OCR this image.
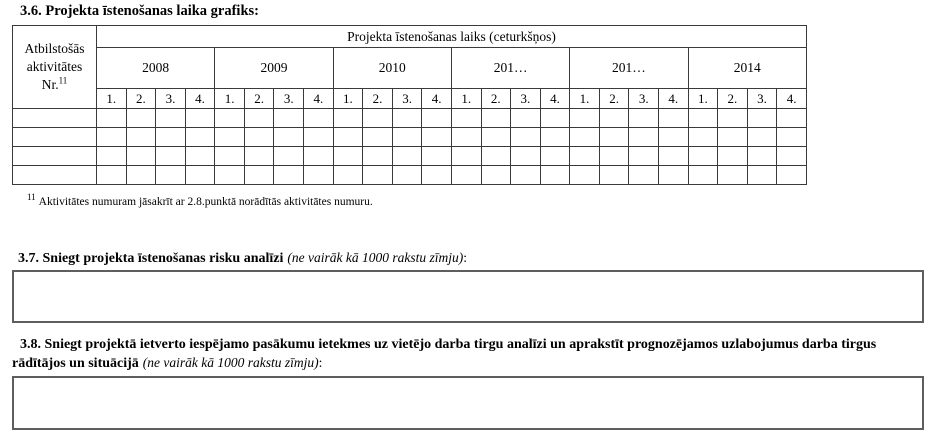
3.6. Projekta īstenošanas laika grafiks:
Atbilstošās aktivitātes Nr.$^{11}$	Projekta īstenošanas laiks (ceturkšņos)																							
	2008				2009				2010				201…				201…				2014			
	1.	2.	3.	4.	1.	2.	3.	4.	1.	2.	3.	4.	1.	2.	3.	4.	1.	2.	3.	4.	1.	2.	3.	4.

$^{11}$ Aktivitātes numuram jāsakrīt ar 2.8.punktā norādītās aktivitātes numuru.
3.7. Sniegt projekta īstenošanas risku analīzi (ne vairāk kā 1000 rakstu zīmju):
3.8. Sniegt projektā ietverto iespējamo pasākumu ietekmes uz vietējo darba tirgu analīzi un aprakstīt prognozējamos uzlabojumus darba tirgus rādītājos un situācijā (ne vairāk kā 1000 rakstu zīmju):
